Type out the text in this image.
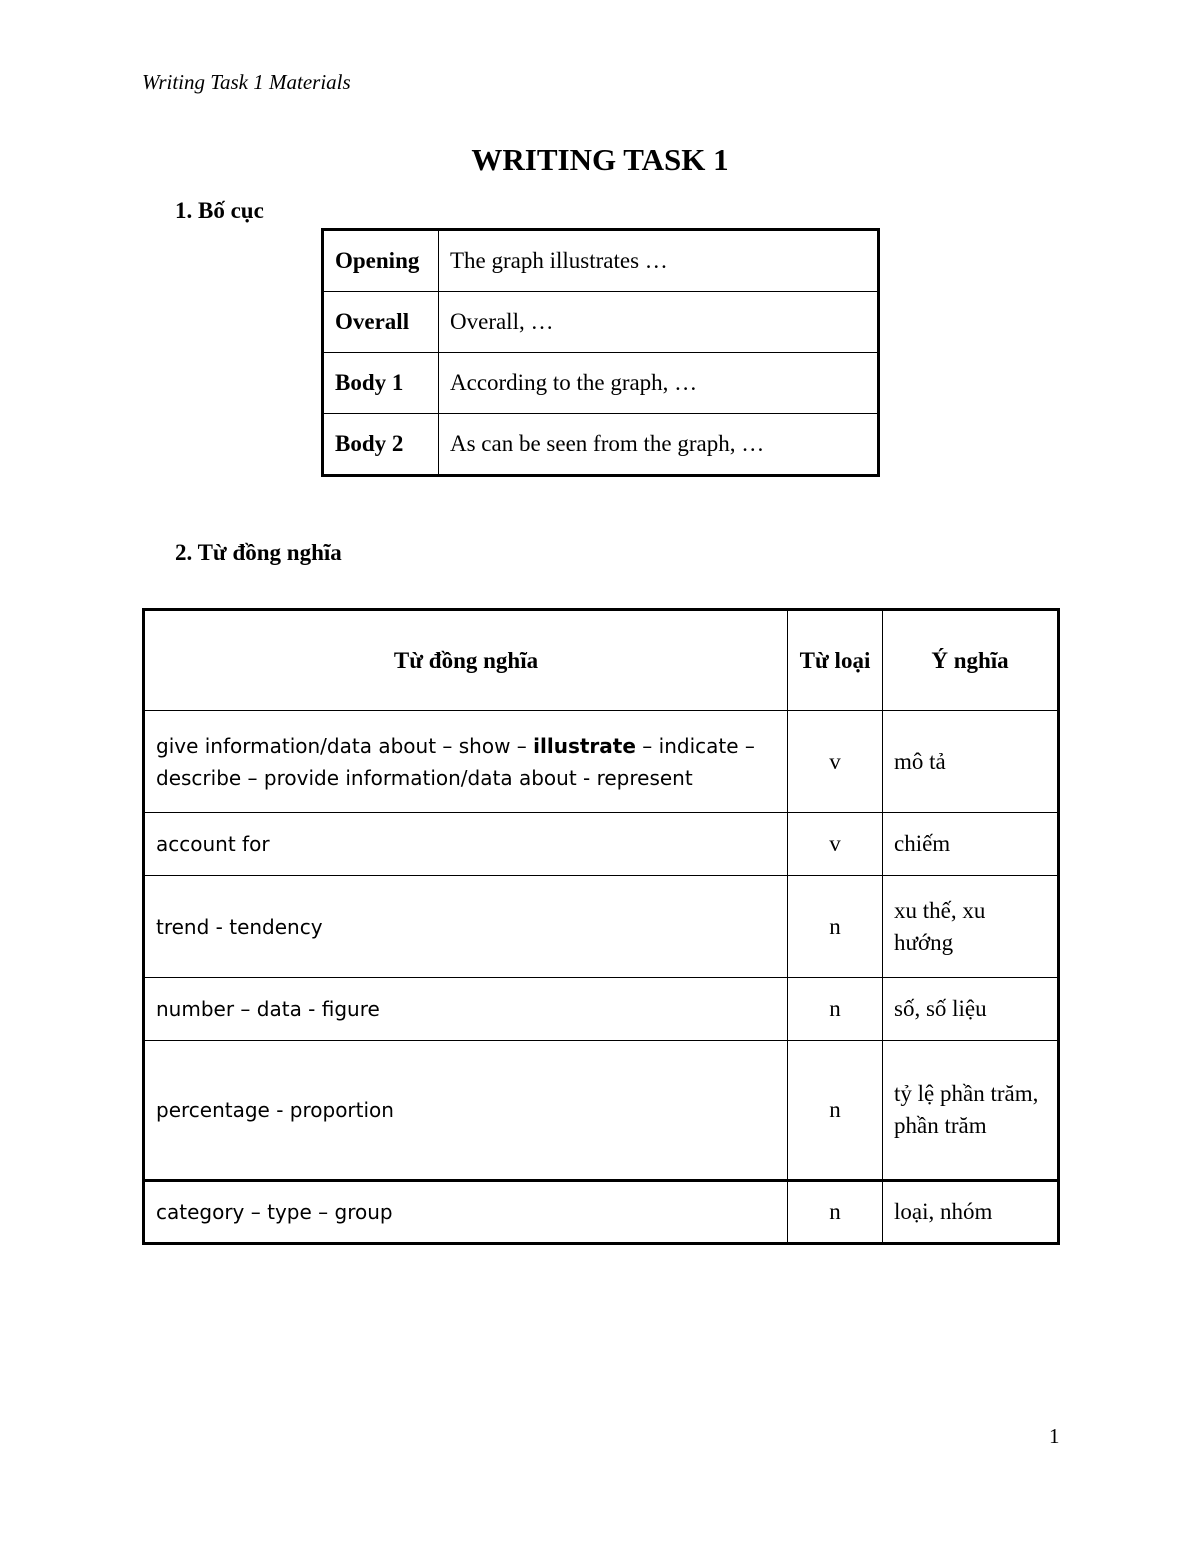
Writing Task 1 Materials
WRITING TASK 1
1. Bố cục
Opening	The graph illustrates …
Overall	Overall, …
Body 1	According to the graph, …
Body 2	As can be seen from the graph, …
2. Từ đồng nghĩa
Từ đồng nghĩa	Từ loại	Ý nghĩa
give information/data about – show – illustrate – indicate – describe – provide information/data about - represent	v	mô tả
account for	v	chiếm
trend - tendency	n	xu thế, xu hướng
number – data - figure	n	số, số liệu
percentage - proportion	n	tỷ lệ phần trăm, phần trăm
category – type – group	n	loại, nhóm
1
